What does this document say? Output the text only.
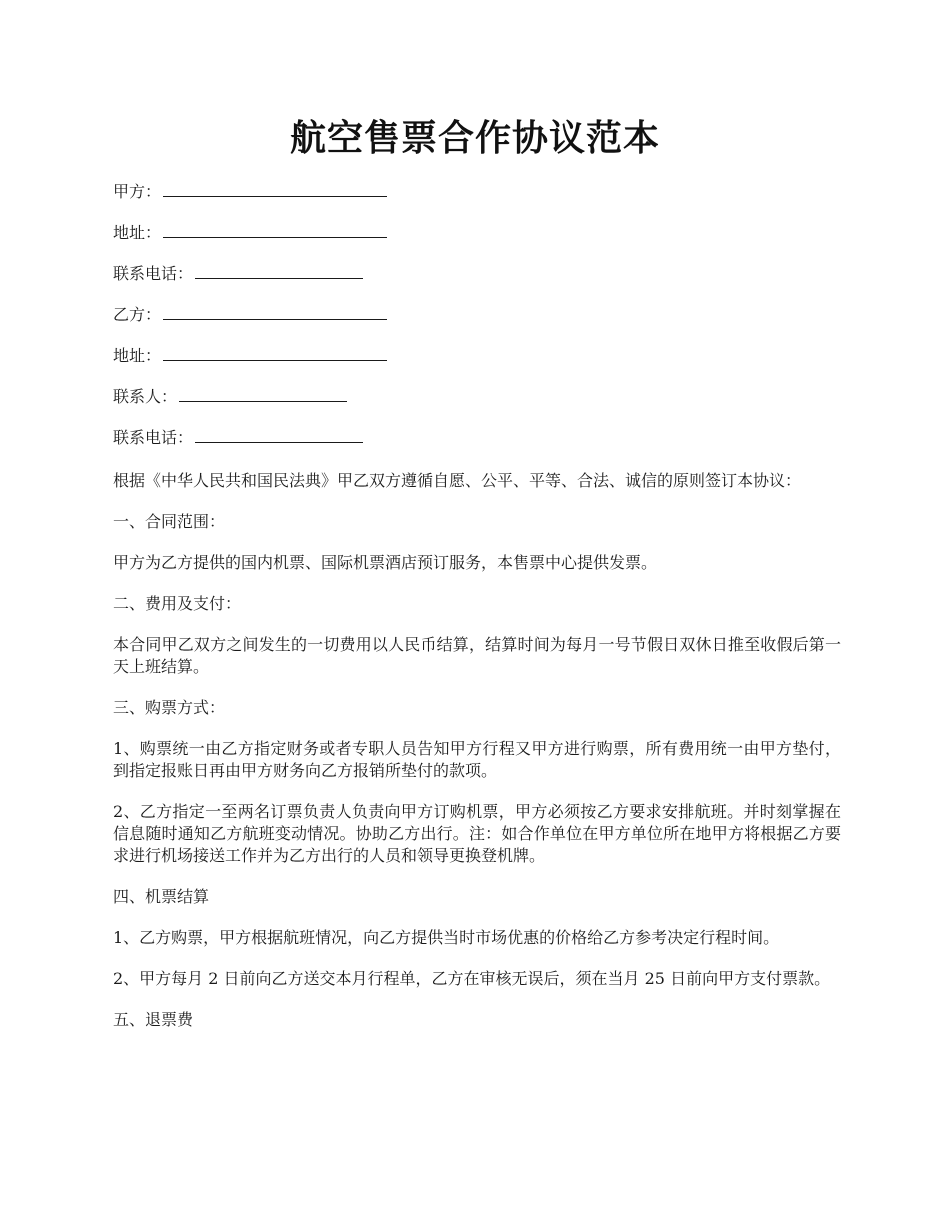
航空售票合作协议范本
甲方：
地址：
联系电话：
乙方：
地址：
联系人：
联系电话：

根据《中华人民共和国民法典》甲乙双方遵循自愿、公平、平等、合法、诚信的原则签订本协议：

一、合同范围：

甲方为乙方提供的国内机票、国际机票酒店预订服务，本售票中心提供发票。

二、费用及支付：

本合同甲乙双方之间发生的一切费用以人民币结算，结算时间为每月一号节假日双休日推至收假后第一天上班结算。

三、购票方式：

1、购票统一由乙方指定财务或者专职人员告知甲方行程又甲方进行购票，所有费用统一由甲方垫付，到指定报账日再由甲方财务向乙方报销所垫付的款项。

2、乙方指定一至两名订票负责人负责向甲方订购机票，甲方必须按乙方要求安排航班。并时刻掌握在信息随时通知乙方航班变动情况。协助乙方出行。注：如合作单位在甲方单位所在地甲方将根据乙方要求进行机场接送工作并为乙方出行的人员和领导更换登机牌。

四、机票结算

1、乙方购票，甲方根据航班情况，向乙方提供当时市场优惠的价格给乙方参考决定行程时间。

2、甲方每月 2 日前向乙方送交本月行程单，乙方在审核无误后，须在当月 25 日前向甲方支付票款。

五、退票费
